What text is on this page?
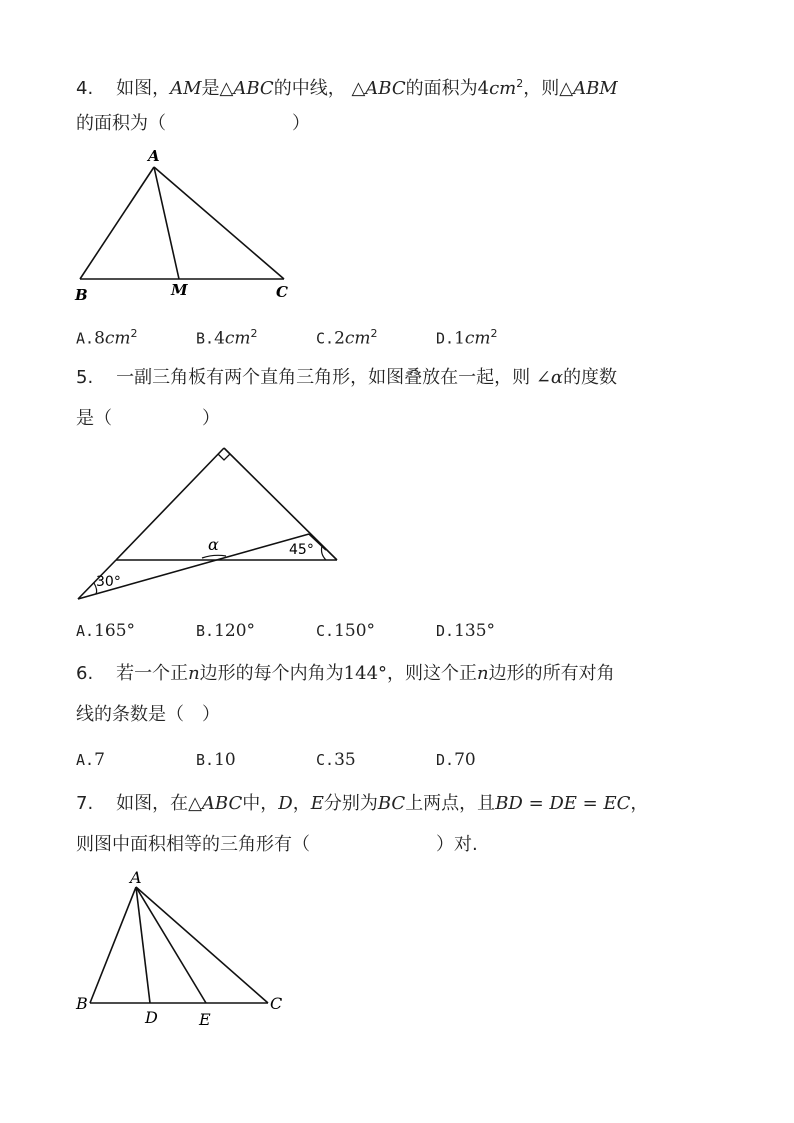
4. 如图，AM是△ABC的中线， △ABC的面积为$4cm^2$，则△ABM
的面积为（　　　　　　　）
A
B	M	C
$A.8cm^2$	$B.4cm^2$	$C.2cm^2$	$D.1cm^2$
5. 一副三角板有两个直角三角形，如图叠放在一起，则 ∠α的度数
是（　　　　　）
α	45°
30°
A.165°	B.120°	C.150°	D.135°
6. 若一个正n边形的每个内角为144°，则这个正n边形的所有对角
线的条数是（　）
A.7	B.10	C.35	D.70
7. 如图，在△ABC中，D，E分别为BC上两点，且BD = DE = EC，
则图中面积相等的三角形有（　　　　　　　）对.
A
B
D	E
C
